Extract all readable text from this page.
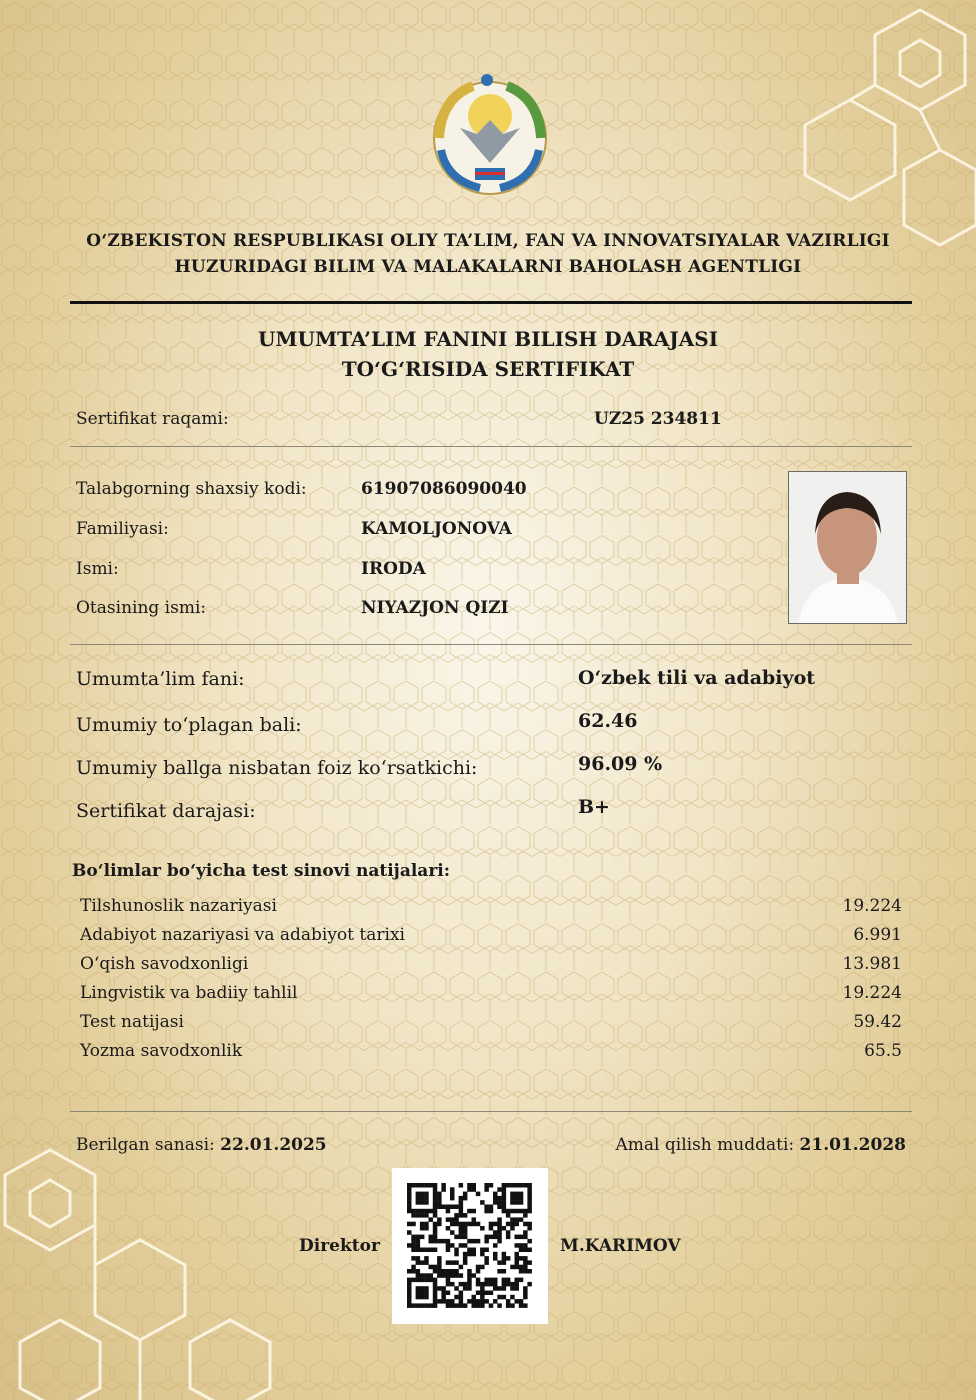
O‘ZBEKISTON RESPUBLIKASI OLIY TA’LIM, FAN VA INNOVATSIYALAR VAZIRLIGI
HUZURIDAGI BILIM VA MALAKALARNI BAHOLASH AGENTLIGI
UMUMTA’LIM FANINI BILISH DARAJASI
TO‘G‘RISIDA SERTIFIKAT
Sertifikat raqami:	UZ25 234811
Talabgorning shaxsiy kodi:	61907086090040
Familiyasi:	KAMOLJONOVA
Ismi:	IRODA
Otasining ismi:	NIYAZJON QIZI
Umumta’lim fani:	O‘zbek tili va adabiyot
Umumiy to‘plagan bali:	62.46
Umumiy ballga nisbatan foiz ko‘rsatkichi:	96.09 %
Sertifikat darajasi:	B+
Bo‘limlar bo‘yicha test sinovi natijalari:
Tilshunoslik nazariyasi	19.224
Adabiyot nazariyasi va adabiyot tarixi	6.991
O‘qish savodxonligi	13.981
Lingvistik va badiiy tahlil	19.224
Test natijasi	59.42
Yozma savodxonlik	65.5
Berilgan sanasi: 22.01.2025	Amal qilish muddati: 21.01.2028
Direktor	M.KARIMOV
